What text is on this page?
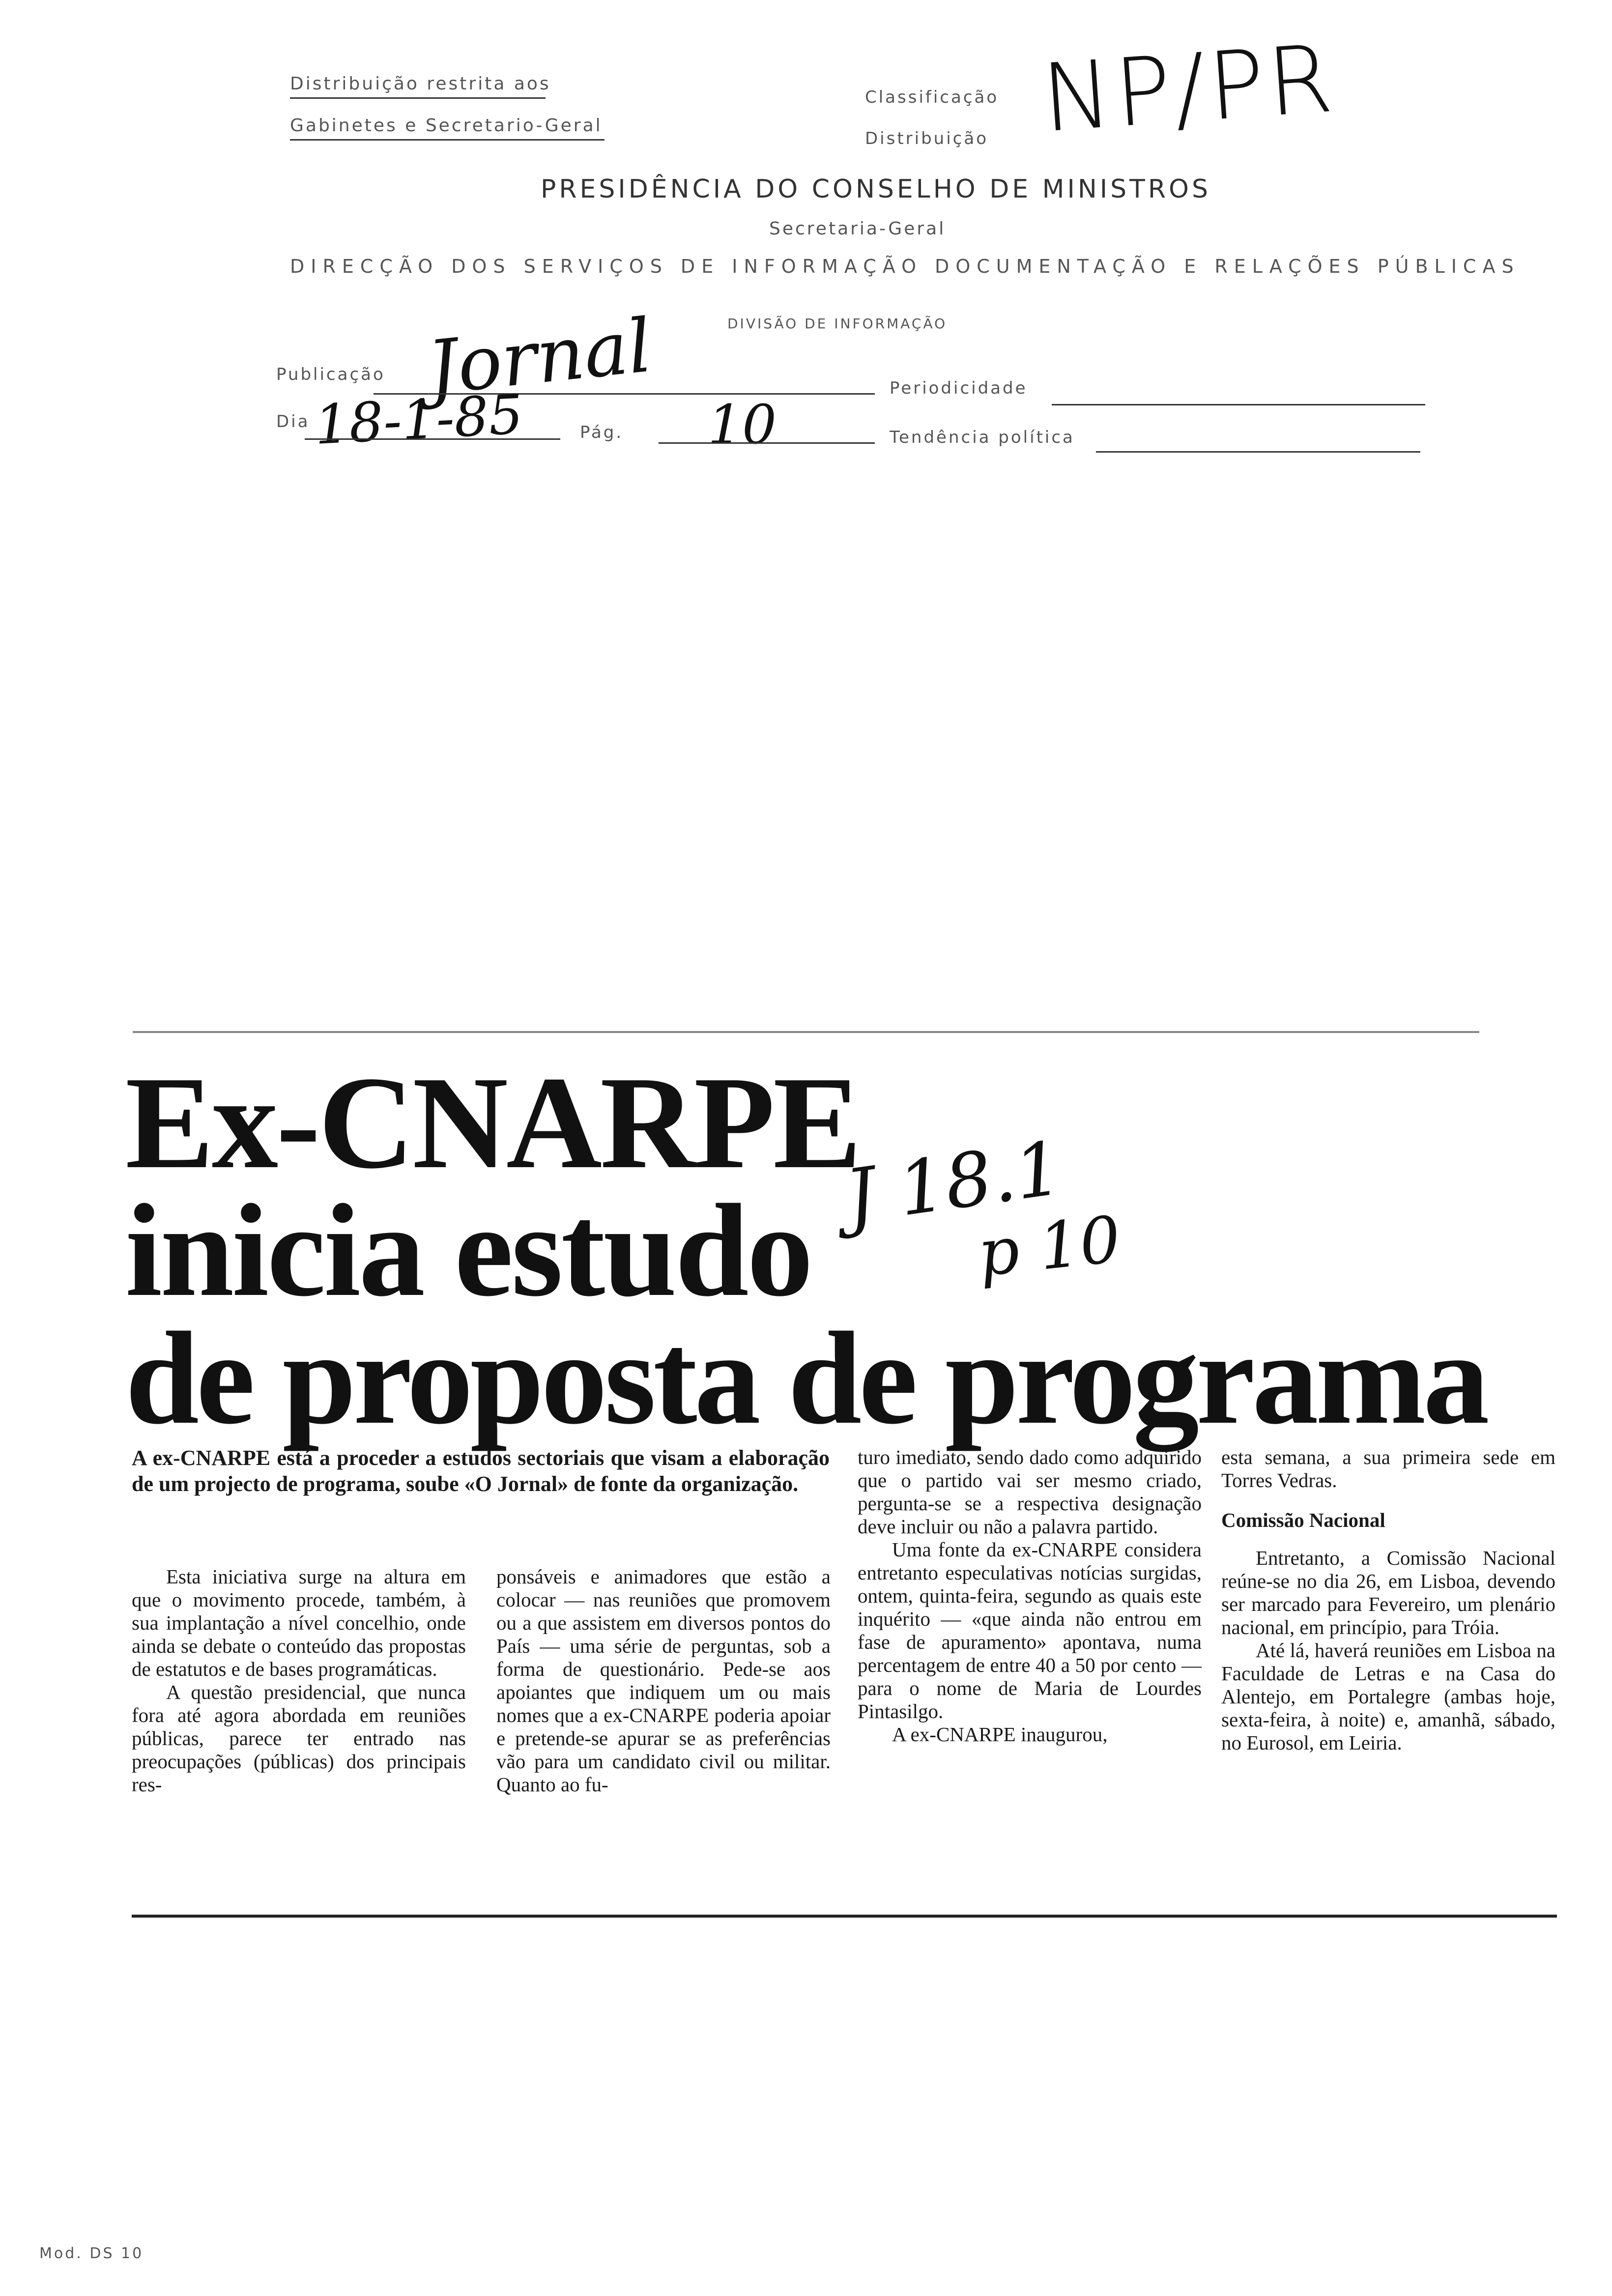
Distribuição restrita aos
Gabinetes e Secretario-Geral
Classificação
Distribuição NP/PR
PRESIDÊNCIA DO CONSELHO DE MINISTROS
Secretaria-Geral
DIRECÇÃO DOS SERVIÇOS DE INFORMAÇÃO DOCUMENTAÇÃO E RELAÇÕES PÚBLICAS
DIVISÃO DE INFORMAÇÃO
Publicação Jornal	Periodicidade
Dia 18-1-85	Pág. 10	Tendência política
Ex-CNARPE
inicia estudo
de proposta de programa
J 18.1
p 10

A ex-CNARPE está a proceder a estudos sectoriais que visam a elaboração de um projecto de programa, soube «O Jornal» de fonte da organização.

Esta iniciativa surge na altura em que o movimento procede, também, à sua implantação a nível concelhio, onde ainda se debate o conteúdo das propostas de estatutos e de bases programáticas.

A questão presidencial, que nunca fora até agora abordada em reuniões públicas, parece ter entrado nas preocupações (públicas) dos principais res-

ponsáveis e animadores que estão a colocar — nas reuniões que promovem ou a que assistem em diversos pontos do País — uma série de perguntas, sob a forma de questionário. Pede-se aos apoiantes que indiquem um ou mais nomes que a ex-CNARPE poderia apoiar e pretende-se apurar se as preferências vão para um candidato civil ou militar. Quanto ao fu-

turo imediato, sendo dado como adquirido que o partido vai ser mesmo criado, pergunta-se se a respectiva designação deve incluir ou não a palavra partido.

Uma fonte da ex-CNARPE considera entretanto especulativas notícias surgidas, ontem, quinta-feira, segundo as quais este inquérito — «que ainda não entrou em fase de apuramento» apontava, numa percentagem de entre 40 a 50 por cento — para o nome de Maria de Lourdes Pintasilgo.

A ex-CNARPE inaugurou,

esta semana, a sua primeira sede em Torres Vedras.

Comissão Nacional

Entretanto, a Comissão Nacional reúne-se no dia 26, em Lisboa, devendo ser marcado para Fevereiro, um plenário nacional, em princípio, para Tróia.

Até lá, haverá reuniões em Lisboa na Faculdade de Letras e na Casa do Alentejo, em Portalegre (ambas hoje, sexta-feira, à noite) e, amanhã, sábado, no Eurosol, em Leiria.

Mod. DS 10
